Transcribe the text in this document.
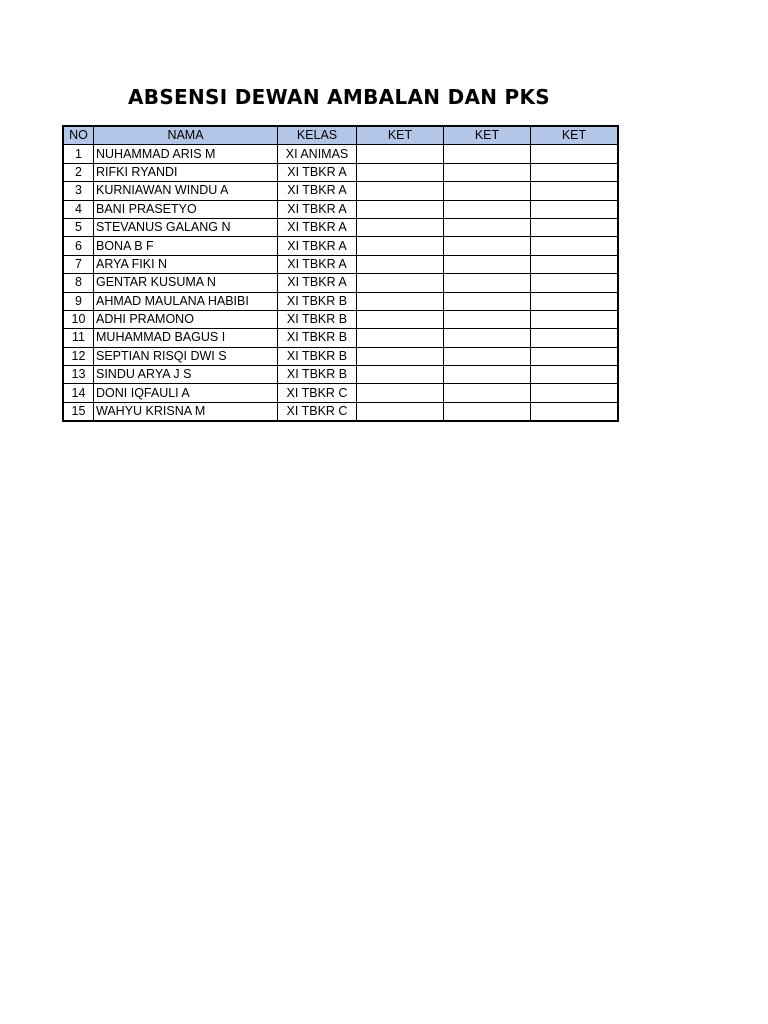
ABSENSI DEWAN AMBALAN DAN PKS
NO	NAMA	KELAS	KET	KET	KET
1	NUHAMMAD ARIS M	XI ANIMAS			
2	RIFKI RYANDI	XI TBKR A			
3	KURNIAWAN WINDU A	XI TBKR A			
4	BANI PRASETYO	XI TBKR A			
5	STEVANUS GALANG N	XI TBKR A			
6	BONA B F	XI TBKR A			
7	ARYA FIKI N	XI TBKR A			
8	GENTAR KUSUMA N	XI TBKR A			
9	AHMAD MAULANA HABIBI	XI TBKR B			
10	ADHI PRAMONO	XI TBKR B			
11	MUHAMMAD BAGUS I	XI TBKR B			
12	SEPTIAN RISQI DWI S	XI TBKR B			
13	SINDU ARYA J S	XI TBKR B			
14	DONI IQFAULI A	XI TBKR C			
15	WAHYU KRISNA M	XI TBKR C			
